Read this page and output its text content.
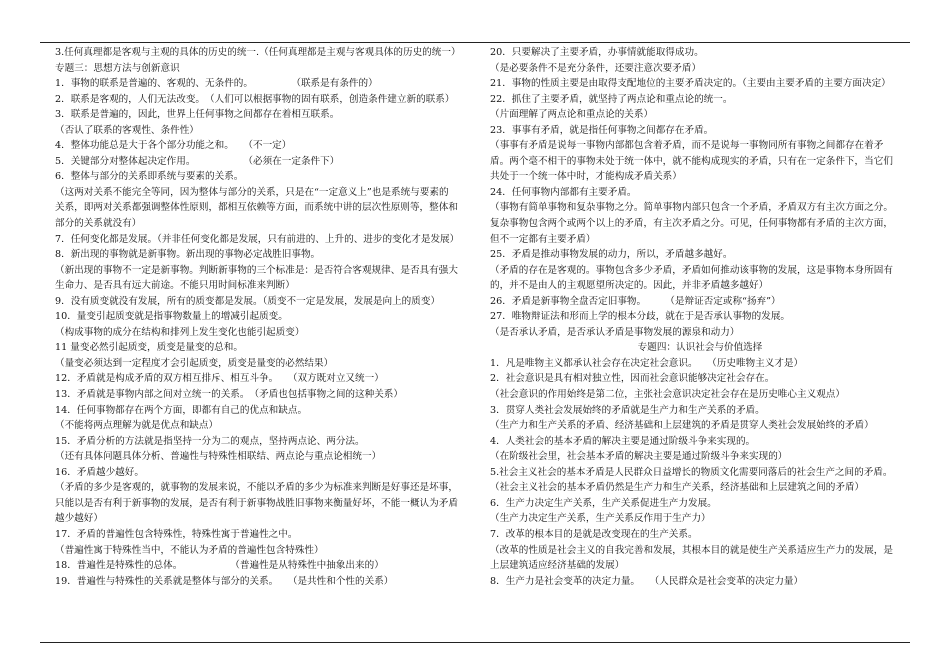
3.任何真理都是客观与主观的具体的历史的统一.（任何真理都是主观与客观具体的历史的统一）

专题三：思想方法与创新意识

1．事物的联系是普遍的、客观的、无条件的。　　　　　（联系是有条件的）

2．联系是客观的，人们无法改变。　（人们可以根据事物的固有联系，创造条件建立新的联系）

3．联系是普遍的，因此，世界上任何事物之间都存在着相互联系。

（否认了联系的客观性、条件性）

4．整体功能总是大于各个部分功能之和。　　（不一定）

5．关键部分对整体起决定作用。　　　　　　（必须在一定条件下）

6．整体与部分的关系即系统与要素的关系。

（这两对关系不能完全等同，因为整体与部分的关系，只是在“一定意义上”也是系统与要素的

关系，即两对关系都强调整体性原则，都相互依赖等方面，而系统中讲的层次性原则等，整体和

部分的关系就没有）

7．任何变化都是发展。（并非任何变化都是发展，只有前进的、上升的、进步的变化才是发展）

8．新出现的事物就是新事物。新出现的事物必定战胜旧事物。

（新出现的事物不一定是新事物。判断新事物的三个标准是：是否符合客观规律、是否具有强大

生命力、是否具有远大前途。不能只用时间标准来判断）

9．没有质变就没有发展，所有的质变都是发展。（质变不一定是发展，发展是向上的质变）

10．量变引起质变就是指事物数量上的增减引起质变。

（构成事物的成分在结构和排列上发生变化也能引起质变）

11 量变必然引起质变，质变是量变的总和。

（量变必须达到一定程度才会引起质变，质变是量变的必然结果）

12．矛盾就是构成矛盾的双方相互排斥、相互斗争。　　（双方既对立又统一）

13．矛盾就是事物内部之间对立统一的关系。　（矛盾也包括事物之间的这种关系）

14．任何事物都存在两个方面，即都有自己的优点和缺点。

（不能将两点理解为就是优点和缺点）

15．矛盾分析的方法就是指坚持一分为二的观点，坚持两点论、两分法。

（还有具体问题具体分析、普遍性与特殊性相联结、两点论与重点论相统一）

16．矛盾越少越好。

（矛盾的多少是客观的，就事物的发展来说，不能以矛盾的多少为标准来判断是好事还是坏事，

只能以是否有利于新事物的发展，是否有利于新事物战胜旧事物来衡量好坏，不能一概认为矛盾

越少越好）

17．矛盾的普遍性包含特殊性，特殊性寓于普遍性之中。

（普遍性寓于特殊性当中，不能认为矛盾的普遍性包含特殊性）

18．普遍性是特殊性的总体。　　　　　　（普遍性是从特殊性中抽象出来的）

19．普遍性与特殊性的关系就是整体与部分的关系。　　（是共性和个性的关系）

20．只要解决了主要矛盾，办事情就能取得成功。

（是必要条件不是充分条件，还要注意次要矛盾）

21．事物的性质主要是由取得支配地位的主要矛盾决定的。（主要由主要矛盾的主要方面决定）

22．抓住了主要矛盾，就坚持了两点论和重点论的统一。

（片面理解了两点论和重点论的关系）

23．事事有矛盾，就是指任何事物之间都存在矛盾。

（事事有矛盾是说每一事物内部都包含着矛盾，而不是说每一事物同所有事物之间都存在着矛

盾。两个毫不相干的事物未处于统一体中，就不能构成现实的矛盾，只有在一定条件下，当它们

共处于一个统一体中时，才能构成矛盾关系）

24．任何事物内部都有主要矛盾。

（事物有简单事物和复杂事物之分。简单事物内部只包含一个矛盾，矛盾双方有主次方面之分。

复杂事物包含两个或两个以上的矛盾，有主次矛盾之分。可见，任何事物都有矛盾的主次方面，

但不一定都有主要矛盾）

25．矛盾是推动事物发展的动力，所以，矛盾越多越好。

（矛盾的存在是客观的。事物包含多少矛盾，矛盾如何推动该事物的发展，这是事物本身所固有

的，并不是由人的主观愿望所决定的。因此，并非矛盾越多越好）

26．矛盾是新事物全盘否定旧事物。　　　（是辩证否定或称“扬弃”）

27．唯物辩证法和形而上学的根本分歧，就在于是否承认事物的发展。

（是否承认矛盾，是否承认矛盾是事物发展的源泉和动力）

专题四：认识社会与价值选择

1．凡是唯物主义都承认社会存在决定社会意识。　　（历史唯物主义才是）

2．社会意识是具有相对独立性，因而社会意识能够决定社会存在。

（社会意识的作用始终是第二位，主张社会意识决定社会存在是历史唯心主义观点）

3．贯穿人类社会发展始终的矛盾就是生产力和生产关系的矛盾。

（生产力和生产关系的矛盾、经济基础和上层建筑的矛盾是贯穿人类社会发展始终的矛盾）

4．人类社会的基本矛盾的解决主要是通过阶级斗争来实现的。

（在阶级社会里，社会基本矛盾的解决主要是通过阶级斗争来实现的）

5.社会主义社会的基本矛盾是人民群众日益增长的物质文化需要同落后的社会生产之间的矛盾。

（社会主义社会的基本矛盾仍然是生产力和生产关系，经济基础和上层建筑之间的矛盾）

6．生产力决定生产关系，生产关系促进生产力发展。

（生产力决定生产关系，生产关系反作用于生产力）

7．改革的根本目的是就是改变现在的生产关系。

（改革的性质是社会主义的自我完善和发展，其根本目的就是使生产关系适应生产力的发展，是

上层建筑适应经济基础的发展）

8．生产力是社会变革的决定力量。　　（人民群众是社会变革的决定力量）
